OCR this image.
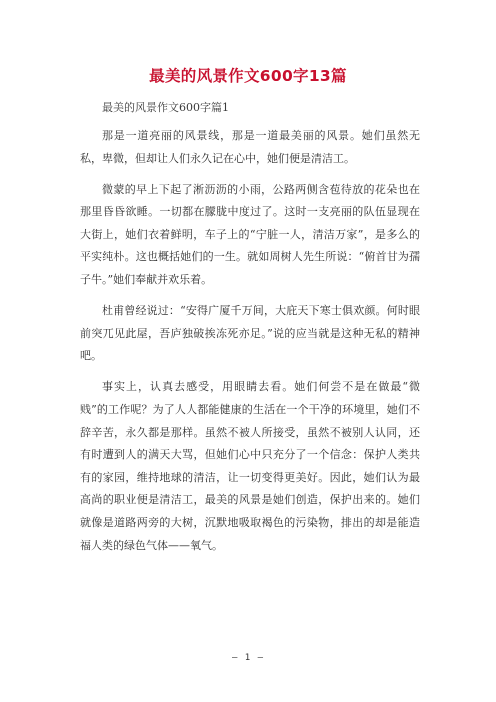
最美的风景作文600字13篇

最美的风景作文600字篇1

那是一道亮丽的风景线，那是一道最美丽的风景。她们虽然无私，卑微，但却让人们永久记在心中，她们便是清洁工。

微蒙的早上下起了淅沥沥的小雨，公路两侧含苞待放的花朵也在那里昏昏欲睡。一切都在朦胧中度过了。这时一支亮丽的队伍显现在大街上，她们衣着鲜明，车子上的“宁脏一人，清洁万家”，是多么的平实纯朴。这也概括她们的一生。就如周树人先生所说：“俯首甘为孺子牛。”她们奉献并欢乐着。

杜甫曾经说过：“安得广厦千万间，大庇天下寒士俱欢颜。何时眼前突兀见此屋，吾庐独破挨冻死亦足。”说的应当就是这种无私的精神吧。

事实上，认真去感受，用眼睛去看。她们何尝不是在做最“微贱”的工作呢？为了人人都能健康的生活在一个干净的环境里，她们不辞辛苦，永久都是那样。虽然不被人所接受，虽然不被别人认同，还有时遭到人的满天大骂，但她们心中只充分了一个信念：保护人类共有的家园，维持地球的清洁，让一切变得更美好。因此，她们认为最高尚的职业便是清洁工，最美的风景是她们创造，保护出来的。她们就像是道路两旁的大树，沉默地吸取褐色的污染物，排出的却是能造福人类的绿色气体——氧气。

— 1 —
